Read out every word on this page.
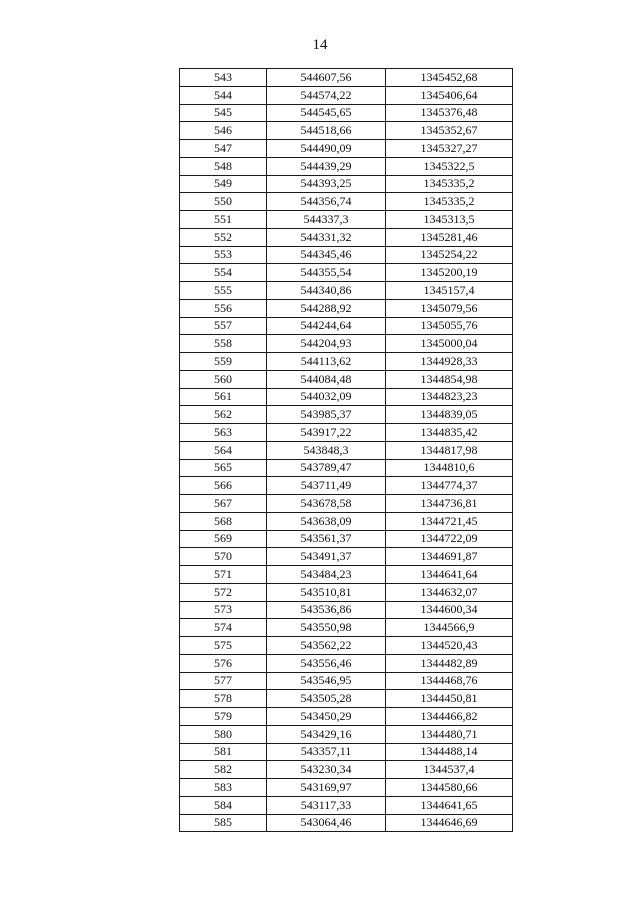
14
543	544607,56	1345452,68
544	544574,22	1345406,64
545	544545,65	1345376,48
546	544518,66	1345352,67
547	544490,09	1345327,27
548	544439,29	1345322,5
549	544393,25	1345335,2
550	544356,74	1345335,2
551	544337,3	1345313,5
552	544331,32	1345281,46
553	544345,46	1345254,22
554	544355,54	1345200,19
555	544340,86	1345157,4
556	544288,92	1345079,56
557	544244,64	1345055,76
558	544204,93	1345000,04
559	544113,62	1344928,33
560	544084,48	1344854,98
561	544032,09	1344823,23
562	543985,37	1344839,05
563	543917,22	1344835,42
564	543848,3	1344817,98
565	543789,47	1344810,6
566	543711,49	1344774,37
567	543678,58	1344736,81
568	543638,09	1344721,45
569	543561,37	1344722,09
570	543491,37	1344691,87
571	543484,23	1344641,64
572	543510,81	1344632,07
573	543536,86	1344600,34
574	543550,98	1344566,9
575	543562,22	1344520,43
576	543556,46	1344482,89
577	543546,95	1344468,76
578	543505,28	1344450,81
579	543450,29	1344466,82
580	543429,16	1344480,71
581	543357,11	1344488,14
582	543230,34	1344537,4
583	543169,97	1344580,66
584	543117,33	1344641,65
585	543064,46	1344646,69
